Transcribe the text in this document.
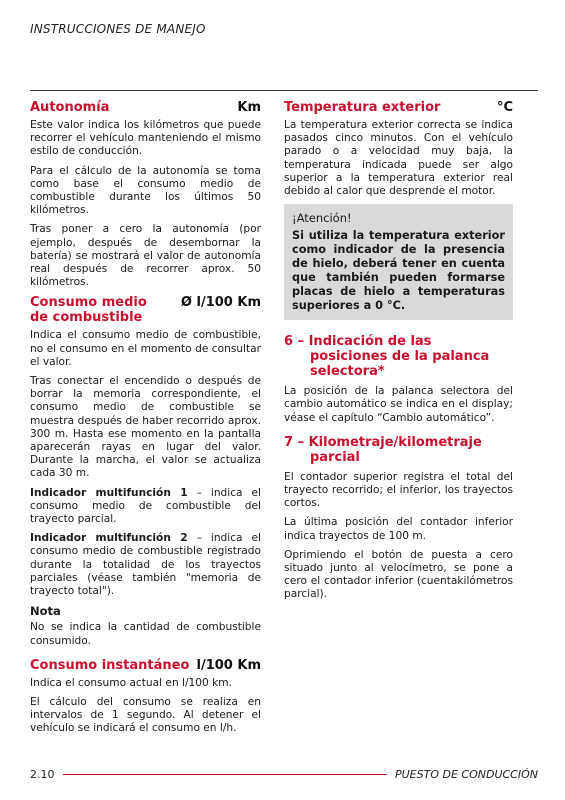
INSTRUCCIONES DE MANEJO
Autonomía	Km

Este valor indica los kilómetros que puede recorrer el vehículo manteniendo el mismo estilo de conducción.

Para el cálculo de la autonomía se toma como base el consumo medio de combustible durante los últimos 50 kilómetros.

Tras poner a cero la autonomía (por ejemplo, después de desembornar la batería) se mostrará el valor de autonomía real después de recorrer aprox. 50 kilómetros.

Consumo medio
de combustible
Ø l/100 Km

Indica el consumo medio de combustible, no el consumo en el momento de consultar el valor.

Tras conectar el encendido o después de borrar la memoria correspondiente, el consumo medio de combustible se muestra después de haber recorrido aprox. 300 m. Hasta ese momento en la pantalla aparecerán rayas en lugar del valor. Durante la marcha, el valor se actualiza cada 30 m.

Indicador multifunción 1 – indica el consumo medio de combustible del trayecto parcial.

Indicador multifunción 2 – indica el consumo medio de combustible registrado durante la totalidad de los trayectos parciales (véase también "memoria de trayecto total").

Nota

No se indica la cantidad de combustible consumido.

Consumo instantáneo l/100 Km

Indica el consumo actual en l/100 km.

El cálculo del consumo se realiza en intervalos de 1 segundo. Al detener el vehículo se indicará el consumo en l/h.

Temperatura exterior	°C

La temperatura exterior correcta se indica pasados cinco minutos. Con el vehículo parado o a velocidad muy baja, la temperatura indicada puede ser algo superior a la temperatura exterior real debido al calor que desprende el motor.

¡Atención!
Si utiliza la temperatura exterior como indicador de la presencia de hielo, deberá tener en cuenta que también pueden formarse placas de hielo a temperaturas superiores a 0 °C.
6 – Indicación de las posiciones de la palanca selectora*

La posición de la palanca selectora del cambio automático se indica en el display; véase el capítulo “Cambio automático”.

7 – Kilometraje/kilometraje parcial

El contador superior registra el total del trayecto recorrido; el inferior, los trayectos cortos.

La última posición del contador inferior indica trayectos de 100 m.

Oprimiendo el botón de puesta a cero situado junto al velocímetro, se pone a cero el contador inferior (cuentakilómetros parcial).

2.10	PUESTO DE CONDUCCIÓN
